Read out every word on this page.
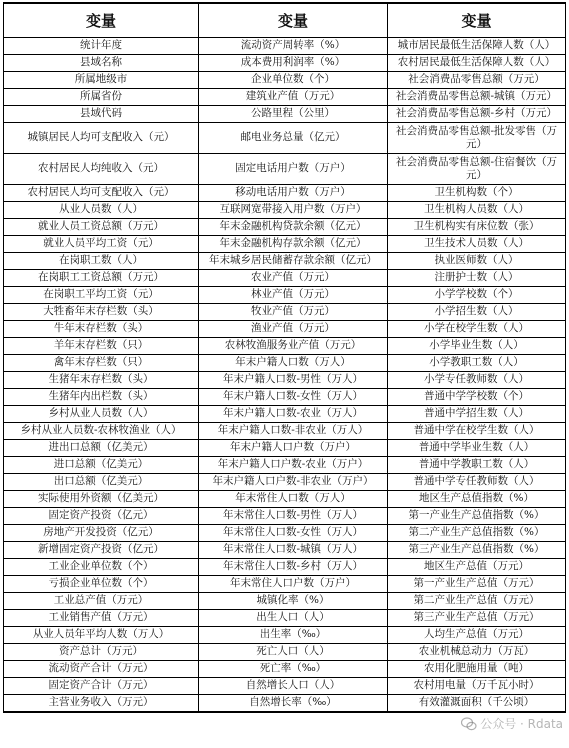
变量	变量	变量
统计年度	流动资产周转率（%）	城市居民最低生活保障人数（人）
县域名称	成本费用利润率（%）	农村居民最低生活保障人数（人）
所属地级市	企业单位数（个）	社会消费品零售总额（万元）
所属省份	建筑业产值（万元）	社会消费品零售总额-城镇（万元）
县域代码	公路里程（公里）	社会消费品零售总额-乡村（万元）
城镇居民人均可支配收入（元）	邮电业务总量（亿元）	社会消费品零售总额-批发零售（万元）
农村居民人均纯收入（元）	固定电话用户数（万户）	社会消费品零售总额-住宿餐饮（万元）
农村居民人均可支配收入（元）	移动电话用户数（万户）	卫生机构数（个）
从业人员数（人）	互联网宽带接入用户数（万户）	卫生机构人员数（人）
就业人员工资总额（万元）	年末金融机构贷款余额（亿元）	卫生机构实有床位数（张）
就业人员平均工资（元）	年末金融机构存款余额（亿元）	卫生技术人员数（人）
在岗职工数（人）	年末城乡居民储蓄存款余额（亿元）	执业医师数（人）
在岗职工工资总额（万元）	农业产值（万元）	注册护士数（人）
在岗职工平均工资（元）	林业产值（万元）	小学学校数（个）
大牲畜年末存栏数（头）	牧业产值（万元）	小学招生数（人）
牛年末存栏数（头）	渔业产值（万元）	小学在校学生数（人）
羊年末存栏数（只）	农林牧渔服务业产值（万元）	小学毕业生数（人）
禽年末存栏数（只）	年末户籍人口数（万人）	小学教职工数（人）
生猪年末存栏数（头）	年末户籍人口数-男性（万人）	小学专任教师数（人）
生猪年内出栏数（头）	年末户籍人口数-女性（万人）	普通中学学校数（个）
乡村从业人员数（人）	年末户籍人口数-农业（万人）	普通中学招生数（人）
乡村从业人员数-农林牧渔业（人）	年末户籍人口数-非农业（万人）	普通中学在校学生数（人）
进出口总额（亿美元）	年末户籍人口户数（万户）	普通中学毕业生数（人）
进口总额（亿美元）	年末户籍人口户数-农业（万户）	普通中学教职工数（人）
出口总额（亿美元）	年末户籍人口户数-非农业（万户）	普通中学专任教师数（人）
实际使用外资额（亿美元）	年末常住人口数（万人）	地区生产总值指数（%）
固定资产投资（亿元）	年末常住人口数-男性（万人）	第一产业生产总值指数（%）
房地产开发投资（亿元）	年末常住人口数-女性（万人）	第二产业生产总值指数（%）
新增固定资产投资（亿元）	年末常住人口数-城镇（万人）	第三产业生产总值指数（%）
工业企业单位数（个）	年末常住人口数-乡村（万人）	地区生产总值（万元）
亏损企业单位数（个）	年末常住人口户数（万户）	第一产业生产总值（万元）
工业总产值（万元）	城镇化率（%）	第二产业生产总值（万元）
工业销售产值（万元）	出生人口（人）	第三产业生产总值（万元）
从业人员年平均人数（万人）	出生率（‰）	人均生产总值（万元）
资产总计（万元）	死亡人口（人）	农业机械总动力（万瓦）
流动资产合计（万元）	死亡率（‰）	农用化肥施用量（吨）
固定资产合计（万元）	自然增长人口（人）	农村用电量（万千瓦小时）
主营业务收入（万元）	自然增长率（‰）	有效灌溉面积（千公顷）
公众号 · Rdata
